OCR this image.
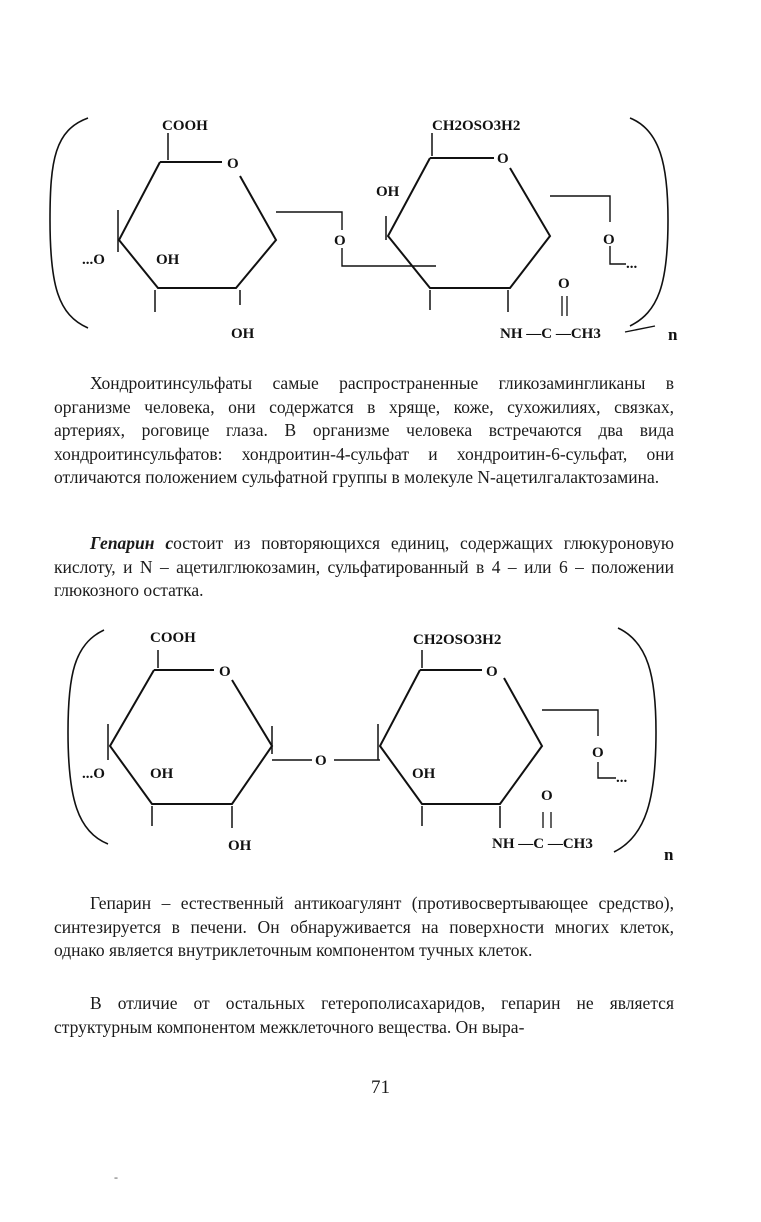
COOH	CH2OSO3H2
O	O
O	O
...O	OH
OH
OH
O
NH —C —CH3
...
n

Хондроитинсульфаты самые распространенные гликозамингликаны в организме человека, они содержатся в хряще, коже, сухожилиях, связках, артериях, роговице глаза. В организме человека встречаются два вида хондроитинсульфатов: хондроитин-4-сульфат и хондроитин-6-сульфат, они отличаются положением сульфатной группы в молекуле N-ацетилгалактозамина.

Гепарин состоит из повторяющихся единиц, содержащих глюкуроновую кислоту, и N – ацетилглюкозамин, сульфатированный в 4 – или 6 – положении глюкозного остатка.

COOH	CH2OSO3H2
O	O
O	O
...O	OH
OH
OH
O
NH —C —CH3
...
n

Гепарин – естественный антикоагулянт (противосвертывающее средство), синтезируется в печени. Он обнаруживается на поверхности многих клеток, однако является внутриклеточным компонентом тучных клеток.

В отличие от остальных гетерополисахаридов, гепарин не является структурным компонентом межклеточного вещества. Он выра-

71
-
